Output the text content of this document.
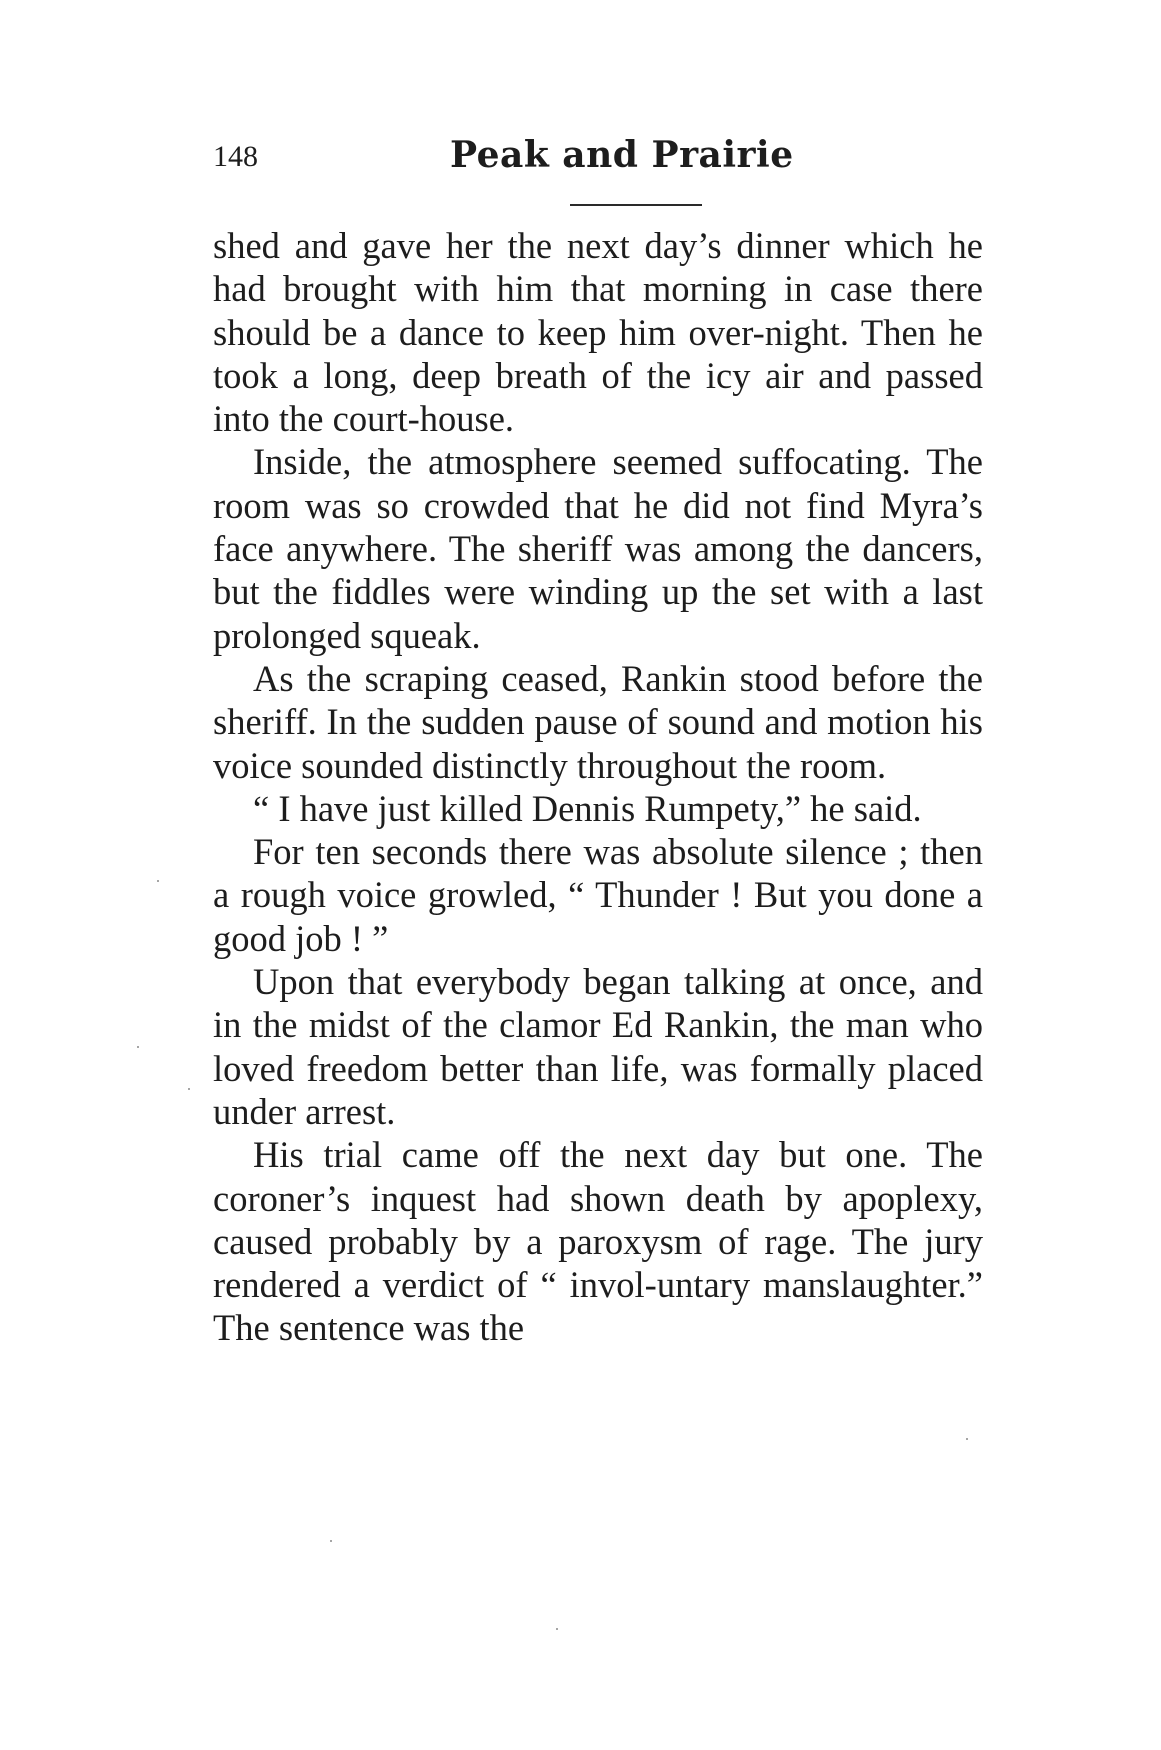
148	Peak and Prairie

shed and gave her the next day’s dinner which he had brought with him that morning in case there should be a dance to keep him over-night. Then he took a long, deep breath of the icy air and passed into the court-house.

Inside, the atmosphere seemed suffocating. The room was so crowded that he did not find Myra’s face anywhere. The sheriff was among the dancers, but the fiddles were winding up the set with a last prolonged squeak.

As the scraping ceased, Rankin stood before the sheriff. In the sudden pause of sound and motion his voice sounded distinctly throughout the room.

“ I have just killed Dennis Rumpety,” he said.

For ten seconds there was absolute silence ; then a rough voice growled, “ Thunder ! But you done a good job ! ”

Upon that everybody began talking at once, and in the midst of the clamor Ed Rankin, the man who loved freedom better than life, was formally placed under arrest.

His trial came off the next day but one. The coroner’s inquest had shown death by apoplexy, caused probably by a paroxysm of rage. The jury rendered a verdict of “ invol-untary manslaughter.” The sentence was the
